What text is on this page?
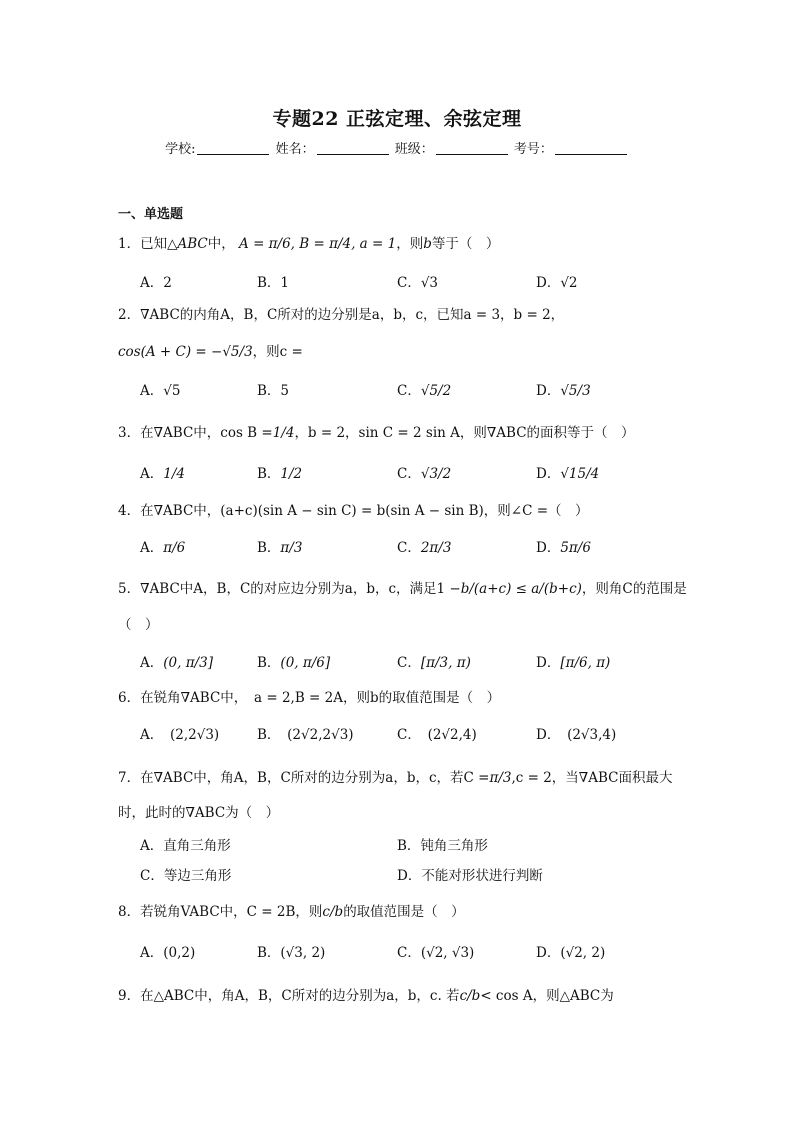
专题22 正弦定理、余弦定理
学校:	姓名：	班级：	考号：
一、单选题
1．已知△ABC中， A = π/6, B = π/4, a = 1，则b等于（　）
A．2	B．1	C．√3	D．√2
2．∇ABC的内角A，B，C所对的边分别是a，b，c，已知a = 3，b = 2，
cos(A + C) = −√5/3，则c =
A．√5	B．5	C．√5/2	D．√5/3
3．在∇ABC中，cos B =1/4，b = 2，sin C = 2 sin A，则∇ABC的面积等于（　）
A．1/4	B．1/2	C．√3/2	D．√15/4
4．在∇ABC中，(a+c)(sin A − sin C) = b(sin A − sin B)，则∠C =（　）
A．π/6	B．π/3	C．2π/3	D．5π/6
5．∇ABC中A，B，C的对应边分别为a，b，c，满足1 −b/(a+c) ≤ a/(b+c)，则角C的范围是
（　）
A．(0, π/3]	B．(0, π/6]	C．[π/3, π)	D．[π/6, π)
6．在锐角∇ABC中，　a = 2,B = 2A，则b的取值范围是（　）
A．　(2,2√3)	B．　(2√2,2√3)	C．　(2√2,4)	D．　(2√3,4)
7．在∇ABC中，角A，B，C所对的边分别为a，b，c，若C =π/3,c = 2，当∇ABC面积最大
时，此时的∇ABC为（　）
A．直角三角形	B．钝角三角形
C．等边三角形	D．不能对形状进行判断
8．若锐角VABC中，C = 2B，则c/b的取值范围是（　）
A．(0,2)	B．(√3, 2)	C．(√2, √3)	D．(√2, 2)
9．在△ABC中，角A，B，C所对的边分别为a，b，c. 若c/b< cos A，则△ABC为
